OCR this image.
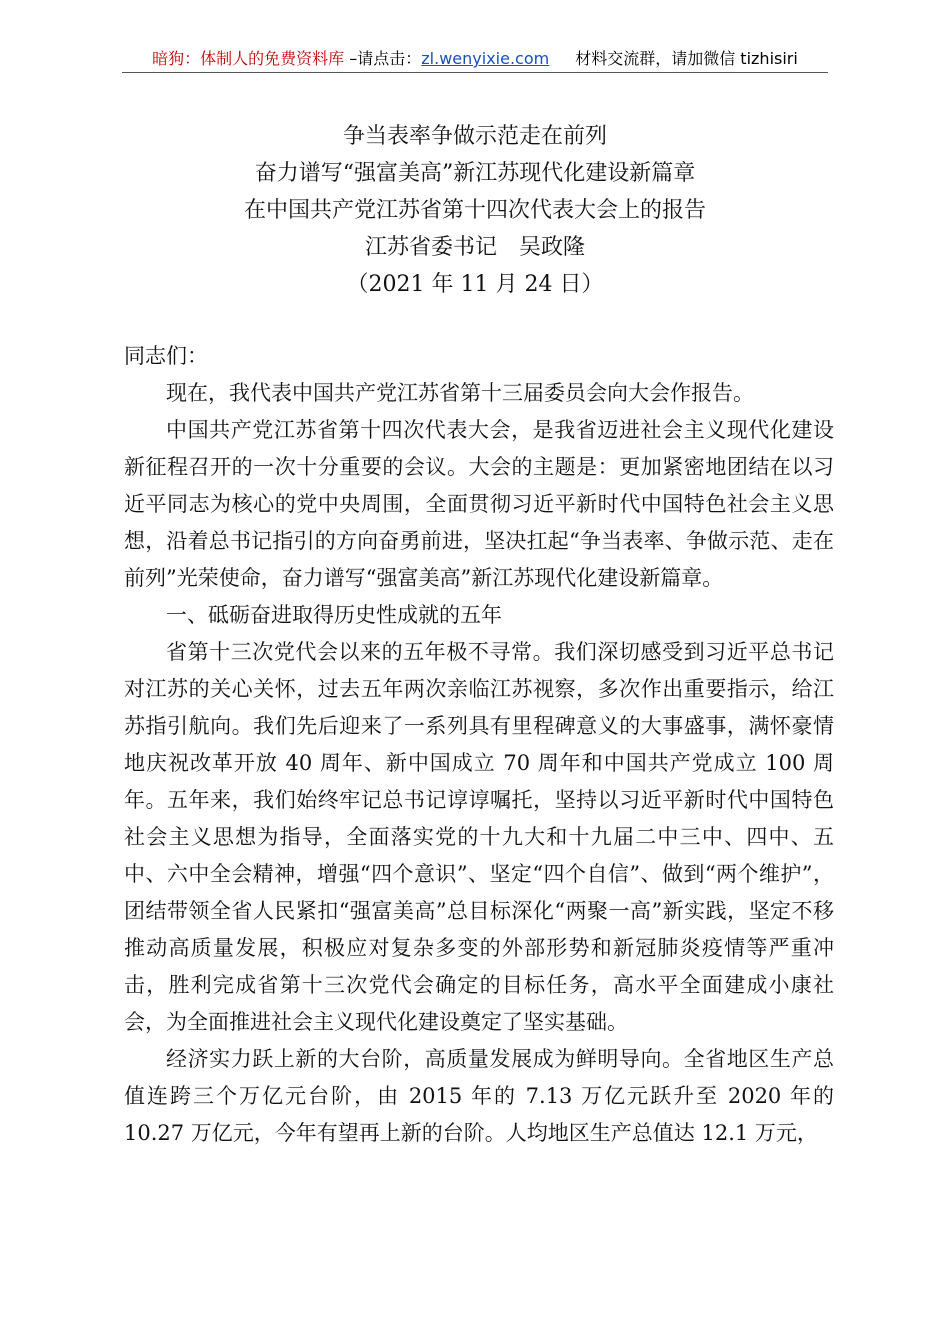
暗狗：体制人的免费资料库 –请点击：zl.wenyixie.com 材料交流群，请加微信 tizhisiri
争当表率争做示范走在前列
奋力谱写“强富美高”新江苏现代化建设新篇章
在中国共产党江苏省第十四次代表大会上的报告
江苏省委书记　吴政隆
（2021 年 11 月 24 日）

同志们：

现在，我代表中国共产党江苏省第十三届委员会向大会作报告。

中国共产党江苏省第十四次代表大会，是我省迈进社会主义现代化建设新征程召开的一次十分重要的会议。大会的主题是：更加紧密地团结在以习近平同志为核心的党中央周围，全面贯彻习近平新时代中国特色社会主义思想，沿着总书记指引的方向奋勇前进，坚决扛起“争当表率、争做示范、走在前列”光荣使命，奋力谱写“强富美高”新江苏现代化建设新篇章。

一、砥砺奋进取得历史性成就的五年

省第十三次党代会以来的五年极不寻常。我们深切感受到习近平总书记对江苏的关心关怀，过去五年两次亲临江苏视察，多次作出重要指示，给江苏指引航向。我们先后迎来了一系列具有里程碑意义的大事盛事，满怀豪情地庆祝改革开放 40 周年、新中国成立 70 周年和中国共产党成立 100 周年。五年来，我们始终牢记总书记谆谆嘱托，坚持以习近平新时代中国特色社会主义思想为指导，全面落实党的十九大和十九届二中三中、四中、五中、六中全会精神，增强“四个意识”、坚定“四个自信”、做到“两个维护”，团结带领全省人民紧扣“强富美高”总目标深化“两聚一高”新实践，坚定不移推动高质量发展，积极应对复杂多变的外部形势和新冠肺炎疫情等严重冲击，胜利完成省第十三次党代会确定的目标任务，高水平全面建成小康社会，为全面推进社会主义现代化建设奠定了坚实基础。

经济实力跃上新的大台阶，高质量发展成为鲜明导向。全省地区生产总值连跨三个万亿元台阶，由 2015 年的 7.13 万亿元跃升至 2020 年的 10.27 万亿元，今年有望再上新的台阶。人均地区生产总值达 12.1 万元，
